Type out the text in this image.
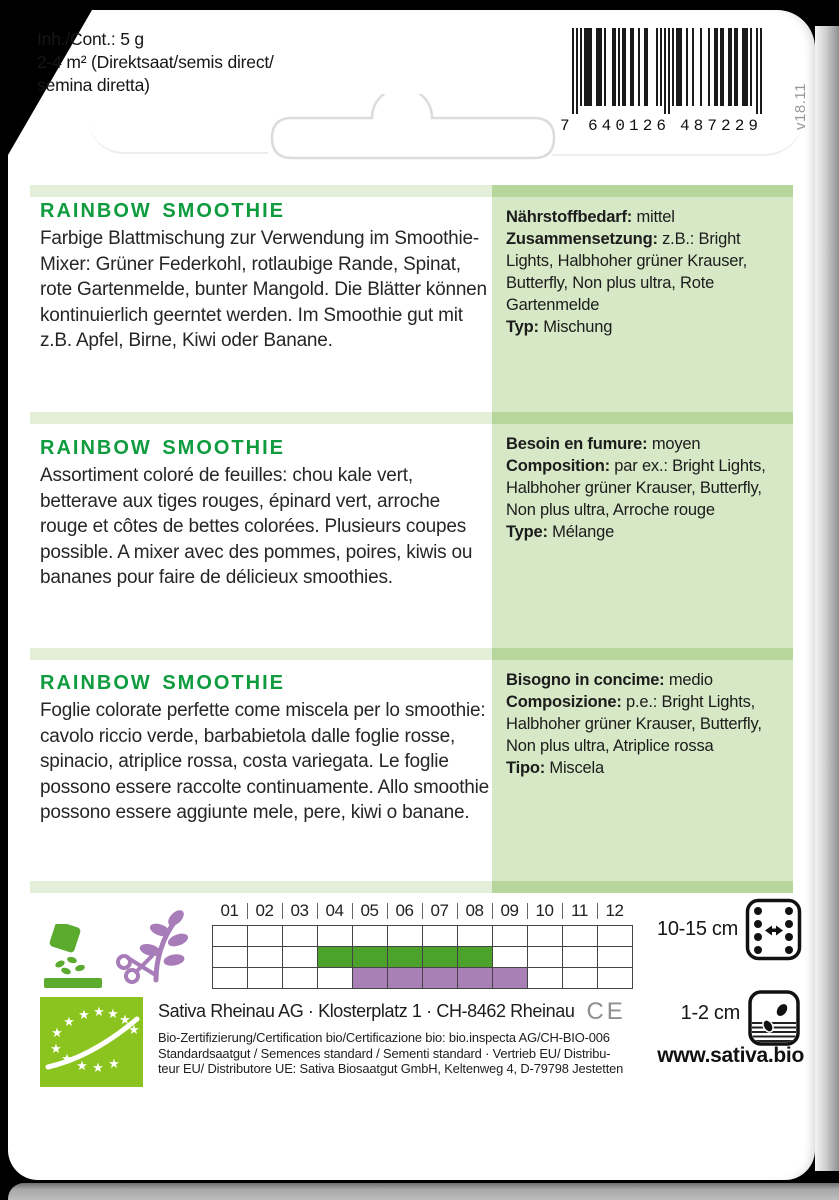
Inh./Cont.: 5 g
2-4 m² (Direktsaat/semis direct/
semina diretta)
7 640126 487229 v18.11
RAINBOW SMOOTHIE
Farbige Blattmischung zur Verwendung im Smoothie-Mixer: Grüner Federkohl, rotlaubige Rande, Spinat, rote Gartenmelde, bunter Mangold. Die Blätter können kontinuierlich geerntet werden. Im Smoothie gut mit z.B. Apfel, Birne, Kiwi oder Banane.
Nährstoffbedarf: mittel
Zusammensetzung: z.B.: Bright Lights, Halbhoher grüner Krauser, Butterfly, Non plus ultra, Rote Gartenmelde
Typ: Mischung
RAINBOW SMOOTHIE
Assortiment coloré de feuilles: chou kale vert, betterave aux tiges rouges, épinard vert, arroche rouge et côtes de bettes colorées. Plusieurs coupes possible. A mixer avec des pommes, poires, kiwis ou bananes pour faire de délicieux smoothies.
Besoin en fumure: moyen
Composition: par ex.: Bright Lights, Halbhoher grüner Krauser, Butterfly, Non plus ultra, Arroche rouge
Type: Mélange
RAINBOW SMOOTHIE
Foglie colorate perfette come miscela per lo smoothie: cavolo riccio verde, barbabietola dalle foglie rosse, spinacio, atriplice rossa, costa variegata. Le foglie possono essere raccolte continuamente. Allo smoothie possono essere aggiunte mele, pere, kiwi o banane.
Bisogno in concime: medio
Composizione: p.e.: Bright Lights, Halbhoher grüner Krauser, Butterfly, Non plus ultra, Atriplice rossa
Tipo: Miscela
01	02	03	04	05	06	07	08	09	10	11	12
10-15 cm
1-2 cm
www.sativa.bio
★
★ ★ ★ ★ ★
★
★
★ ★ ★ ★
Sativa Rheinau AG · Klosterplatz 1 · CH-8462 Rheinau CE
Bio-Zertifizierung/Certification bio/Certificazione bio: bio.inspecta AG/CH-BIO-006
Standardsaatgut / Semences standard / Sementi standard · Vertrieb EU/ Distribu-
teur EU/ Distributore UE: Sativa Biosaatgut GmbH, Keltenweg 4, D-79798 Jestetten
